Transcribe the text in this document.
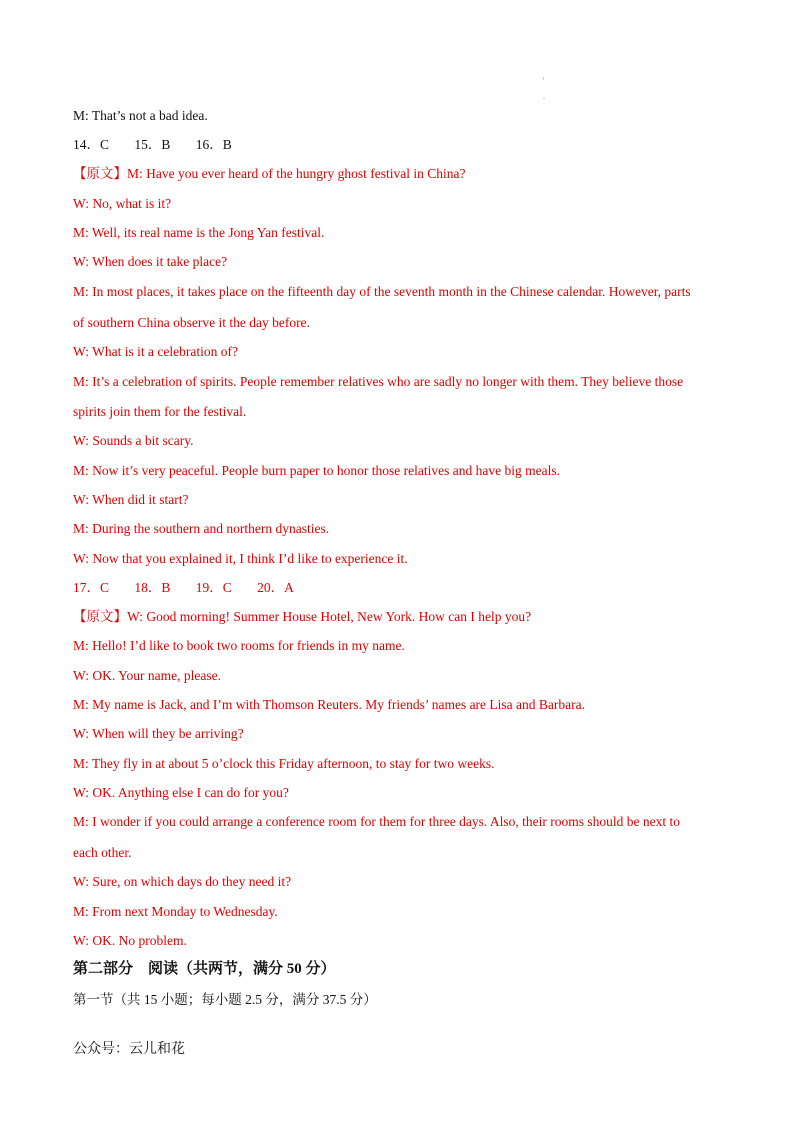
'
.
M: That’s not a bad idea.
14．C 15．B 16．B
【原文】M: Have you ever heard of the hungry ghost festival in China?
W: No, what is it?
M: Well, its real name is the Jong Yan festival.
W: When does it take place?
M: In most places, it takes place on the fifteenth day of the seventh month in the Chinese calendar. However, parts
of southern China observe it the day before.
W: What is it a celebration of?
M: It’s a celebration of spirits. People remember relatives who are sadly no longer with them. They believe those
spirits join them for the festival.
W: Sounds a bit scary.
M: Now it’s very peaceful. People burn paper to honor those relatives and have big meals.
W: When did it start?
M: During the southern and northern dynasties.
W: Now that you explained it, I think I’d like to experience it.
17．C 18．B 19．C 20．A
【原文】W: Good morning! Summer House Hotel, New York. How can I help you?
M: Hello! I’d like to book two rooms for friends in my name.
W: OK. Your name, please.
M: My name is Jack, and I’m with Thomson Reuters. My friends’ names are Lisa and Barbara.
W: When will they be arriving?
M: They fly in at about 5 o’clock this Friday afternoon, to stay for two weeks.
W: OK. Anything else I can do for you?
M: I wonder if you could arrange a conference room for them for three days. Also, their rooms should be next to
each other.
W: Sure, on which days do they need it?
M: From next Monday to Wednesday.
W: OK. No problem.
第二部分　阅读（共两节，满分 50 分）
第一节（共 15 小题；每小题 2.5 分，满分 37.5 分）
公众号：云儿和花
